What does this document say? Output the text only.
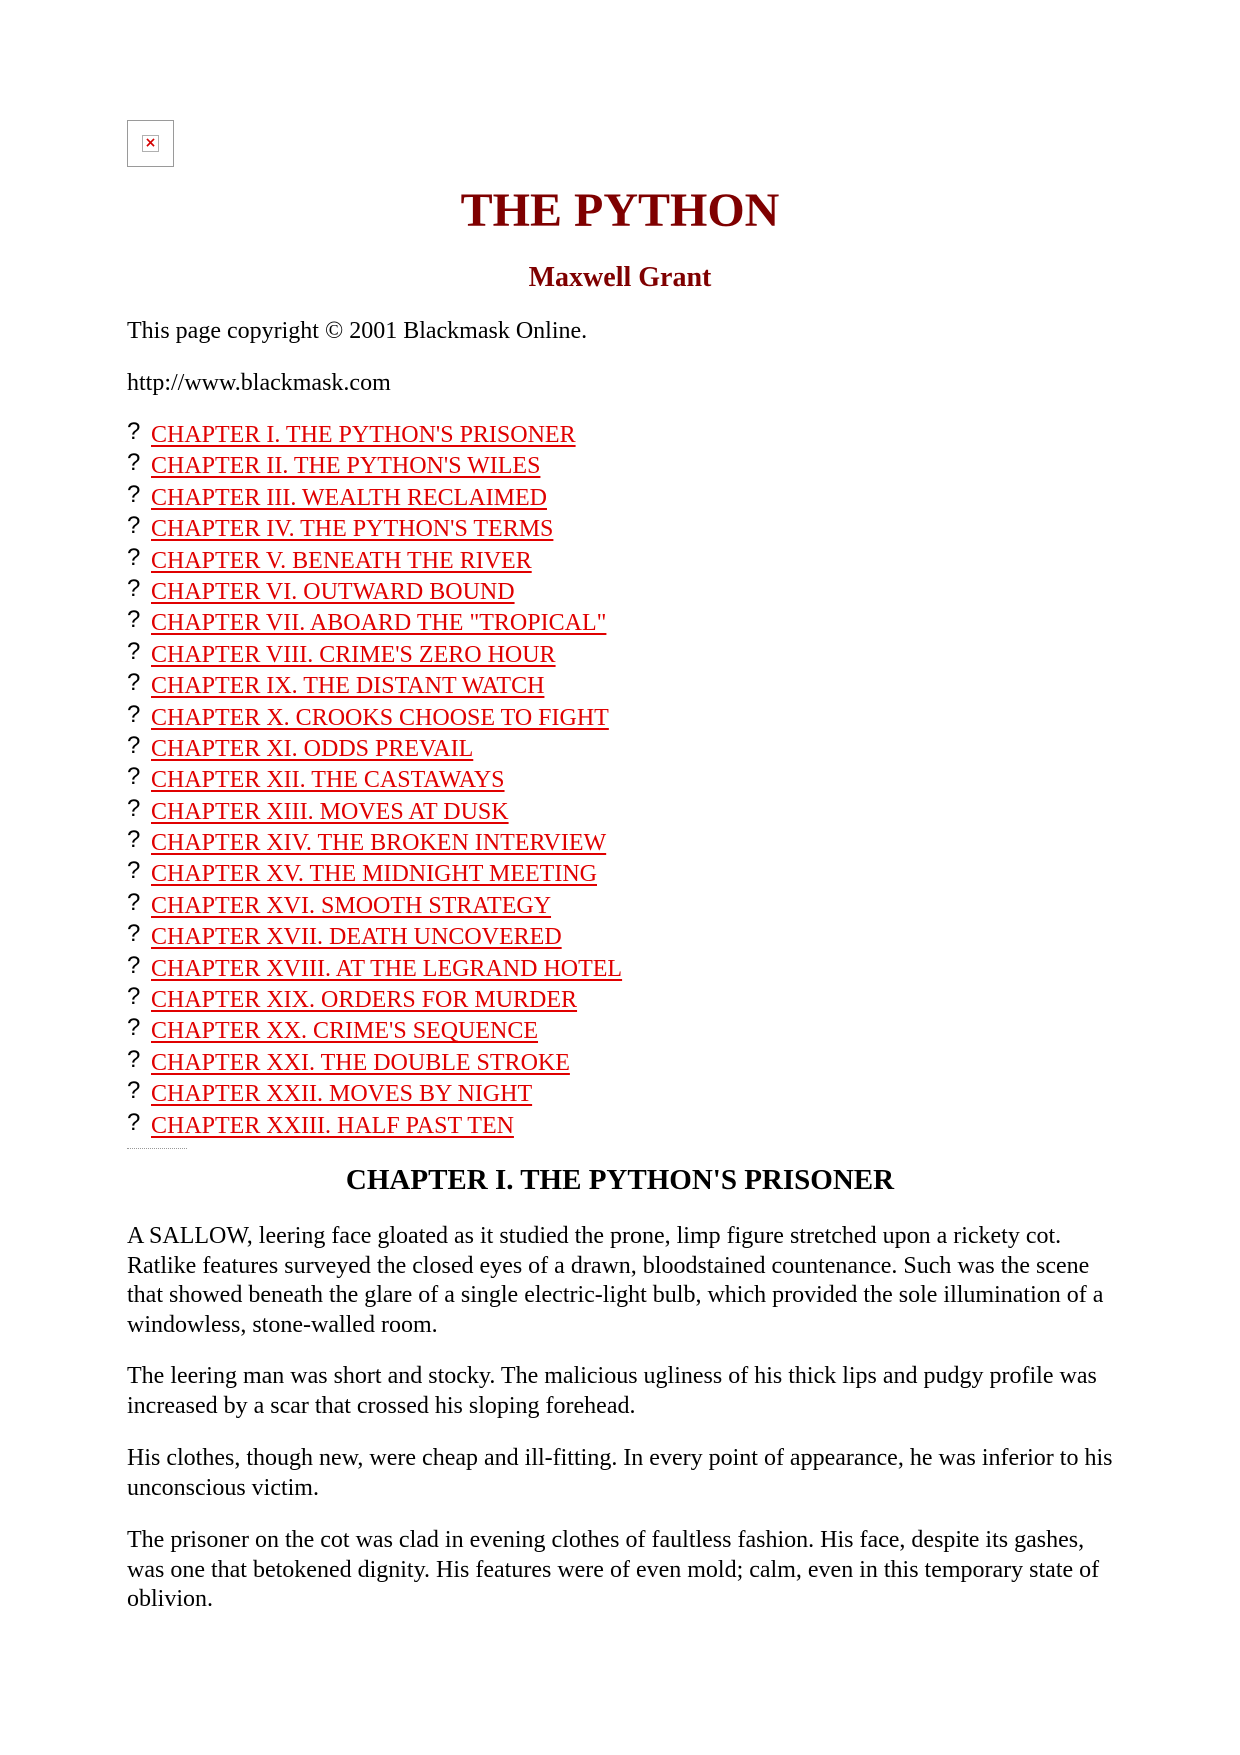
×
THE PYTHON
Maxwell Grant
This page copyright © 2001 Blackmask Online.
http://www.blackmask.com
? CHAPTER I. THE PYTHON'S PRISONER
? CHAPTER II. THE PYTHON'S WILES
? CHAPTER III. WEALTH RECLAIMED
? CHAPTER IV. THE PYTHON'S TERMS
? CHAPTER V. BENEATH THE RIVER
? CHAPTER VI. OUTWARD BOUND
? CHAPTER VII. ABOARD THE "TROPICAL"
? CHAPTER VIII. CRIME'S ZERO HOUR
? CHAPTER IX. THE DISTANT WATCH
? CHAPTER X. CROOKS CHOOSE TO FIGHT
? CHAPTER XI. ODDS PREVAIL
? CHAPTER XII. THE CASTAWAYS
? CHAPTER XIII. MOVES AT DUSK
? CHAPTER XIV. THE BROKEN INTERVIEW
? CHAPTER XV. THE MIDNIGHT MEETING
? CHAPTER XVI. SMOOTH STRATEGY
? CHAPTER XVII. DEATH UNCOVERED
? CHAPTER XVIII. AT THE LEGRAND HOTEL
? CHAPTER XIX. ORDERS FOR MURDER
? CHAPTER XX. CRIME'S SEQUENCE
? CHAPTER XXI. THE DOUBLE STROKE
? CHAPTER XXII. MOVES BY NIGHT
? CHAPTER XXIII. HALF PAST TEN
CHAPTER I. THE PYTHON'S PRISONER

A SALLOW, leering face gloated as it studied the prone, limp figure stretched upon a rickety cot. Ratlike features surveyed the closed eyes of a drawn, bloodstained countenance. Such was the scene that showed beneath the glare of a single electric-light bulb, which provided the sole illumination of a windowless, stone-walled room.

The leering man was short and stocky. The malicious ugliness of his thick lips and pudgy profile was increased by a scar that crossed his sloping forehead.

His clothes, though new, were cheap and ill-fitting. In every point of appearance, he was inferior to his unconscious victim.

The prisoner on the cot was clad in evening clothes of faultless fashion. His face, despite its gashes, was one that betokened dignity. His features were of even mold; calm, even in this temporary state of oblivion.
